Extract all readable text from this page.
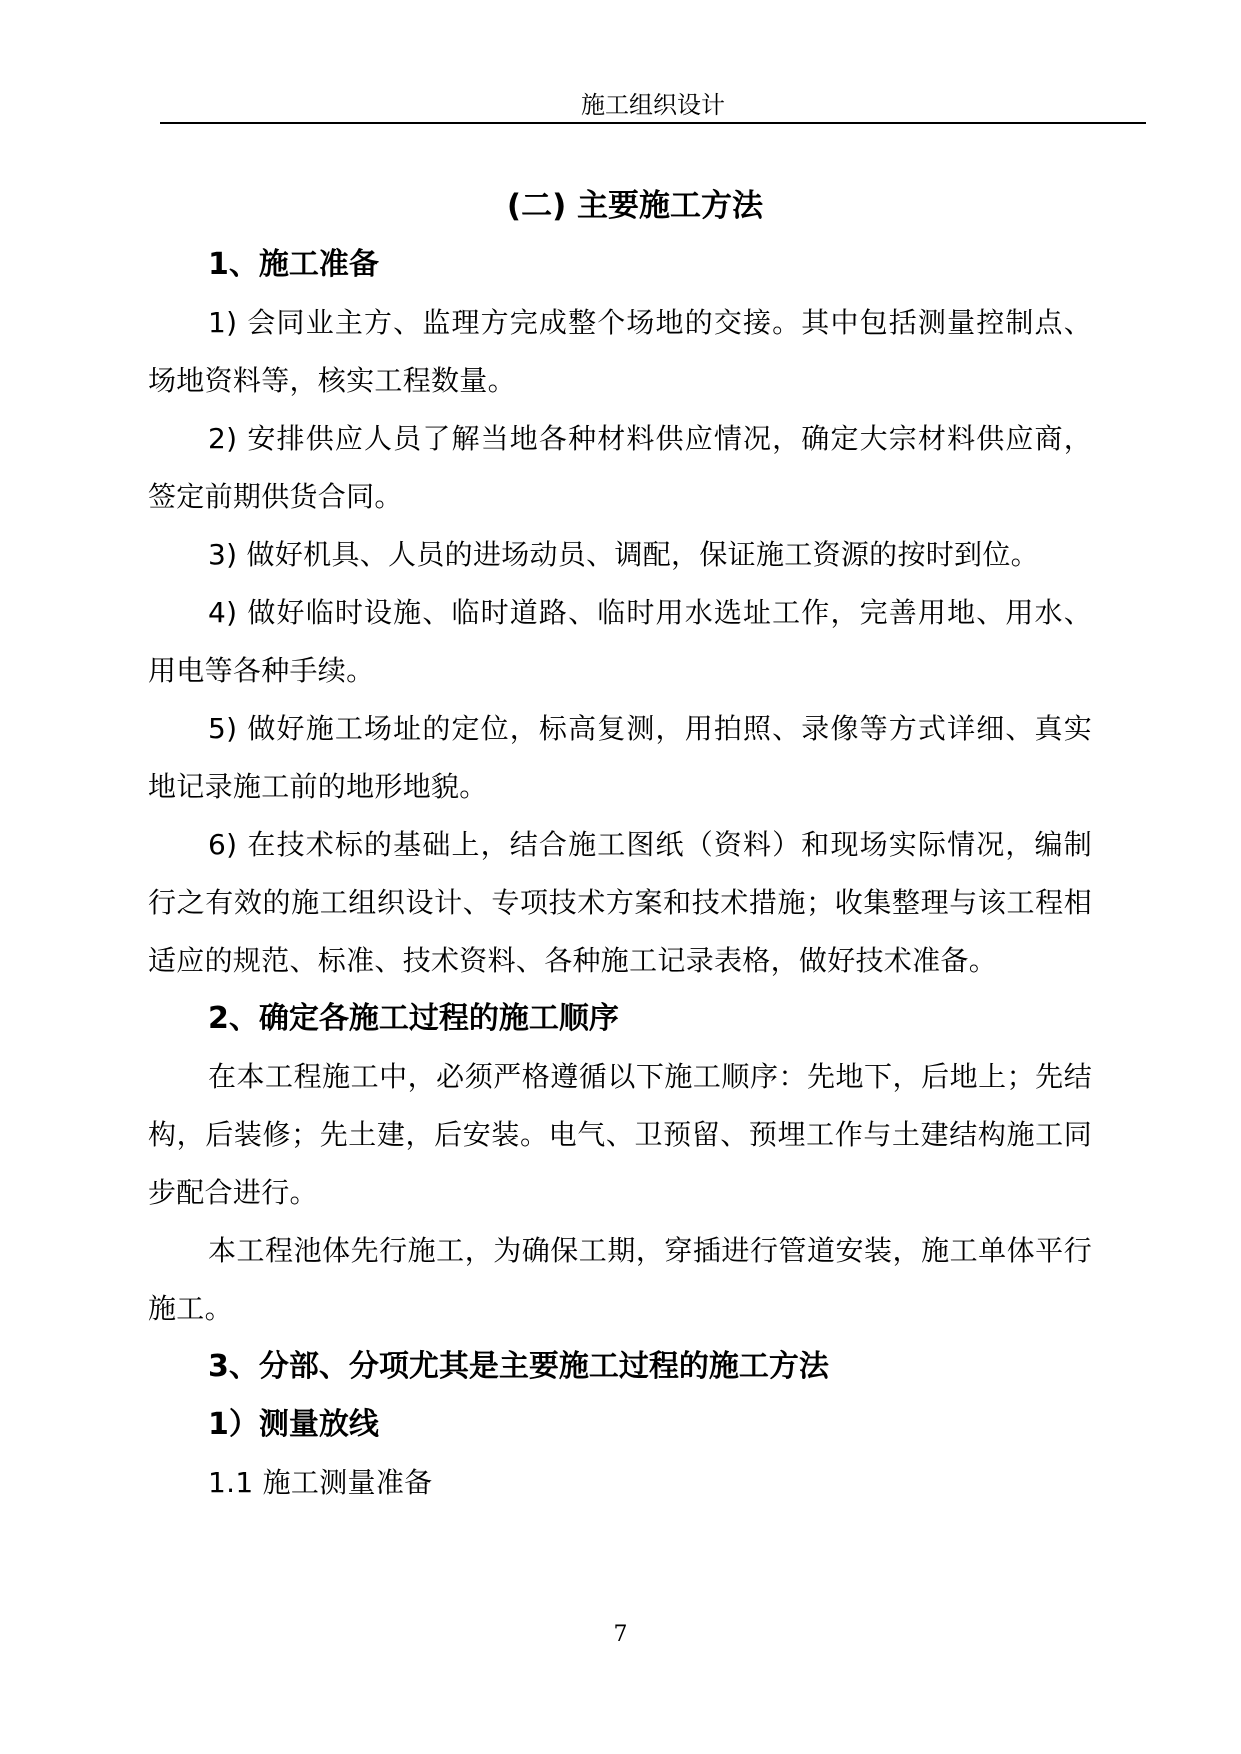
施工组织设计
(二) 主要施工方法
1、施工准备

1) 会同业主方、监理方完成整个场地的交接。其中包括测量控制点、场地资料等，核实工程数量。

2) 安排供应人员了解当地各种材料供应情况，确定大宗材料供应商，签定前期供货合同。

3) 做好机具、人员的进场动员、调配，保证施工资源的按时到位。

4) 做好临时设施、临时道路、临时用水选址工作，完善用地、用水、用电等各种手续。

5) 做好施工场址的定位，标高复测，用拍照、录像等方式详细、真实地记录施工前的地形地貌。

6) 在技术标的基础上，结合施工图纸（资料）和现场实际情况，编制行之有效的施工组织设计、专项技术方案和技术措施；收集整理与该工程相适应的规范、标准、技术资料、各种施工记录表格，做好技术准备。

2、确定各施工过程的施工顺序

在本工程施工中，必须严格遵循以下施工顺序：先地下，后地上；先结构，后装修；先土建，后安装。电气、卫预留、预埋工作与土建结构施工同步配合进行。

本工程池体先行施工，为确保工期，穿插进行管道安装，施工单体平行施工。

3、分部、分项尤其是主要施工过程的施工方法
1）测量放线

1.1 施工测量准备

7
